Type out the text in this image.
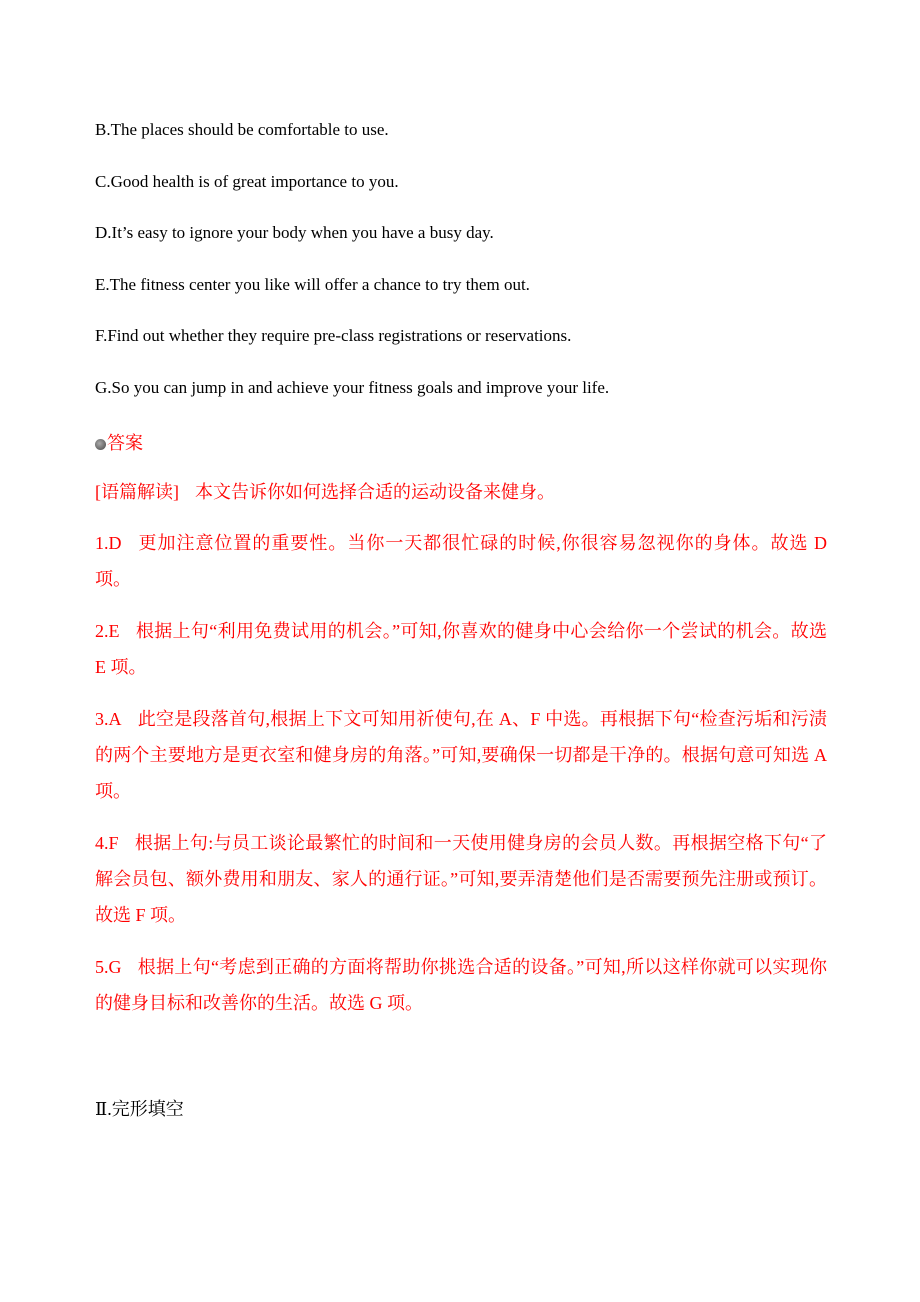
B.The places should be comfortable to use.
C.Good health is of great importance to you.
D.It’s easy to ignore your body when you have a busy day.
E.The fitness center you like will offer a chance to try them out.
F.Find out whether they require pre-class registrations or reservations.
G.So you can jump in and achieve your fitness goals and improve your life.
答案
[语篇解读] 本文告诉你如何选择合适的运动设备来健身。
1.D 更加注意位置的重要性。当你一天都很忙碌的时候,你很容易忽视你的身体。故选 D 项。
2.E 根据上句“利用免费试用的机会。”可知,你喜欢的健身中心会给你一个尝试的机会。故选 E 项。
3.A 此空是段落首句,根据上下文可知用祈使句,在 A、F 中选。再根据下句“检查污垢和污渍的两个主要地方是更衣室和健身房的角落。”可知,要确保一切都是干净的。根据句意可知选 A 项。
4.F 根据上句:与员工谈论最繁忙的时间和一天使用健身房的会员人数。再根据空格下句“了解会员包、额外费用和朋友、家人的通行证。”可知,要弄清楚他们是否需要预先注册或预订。故选 F 项。
5.G 根据上句“考虑到正确的方面将帮助你挑选合适的设备。”可知,所以这样你就可以实现你的健身目标和改善你的生活。故选 G 项。
Ⅱ.完形填空
